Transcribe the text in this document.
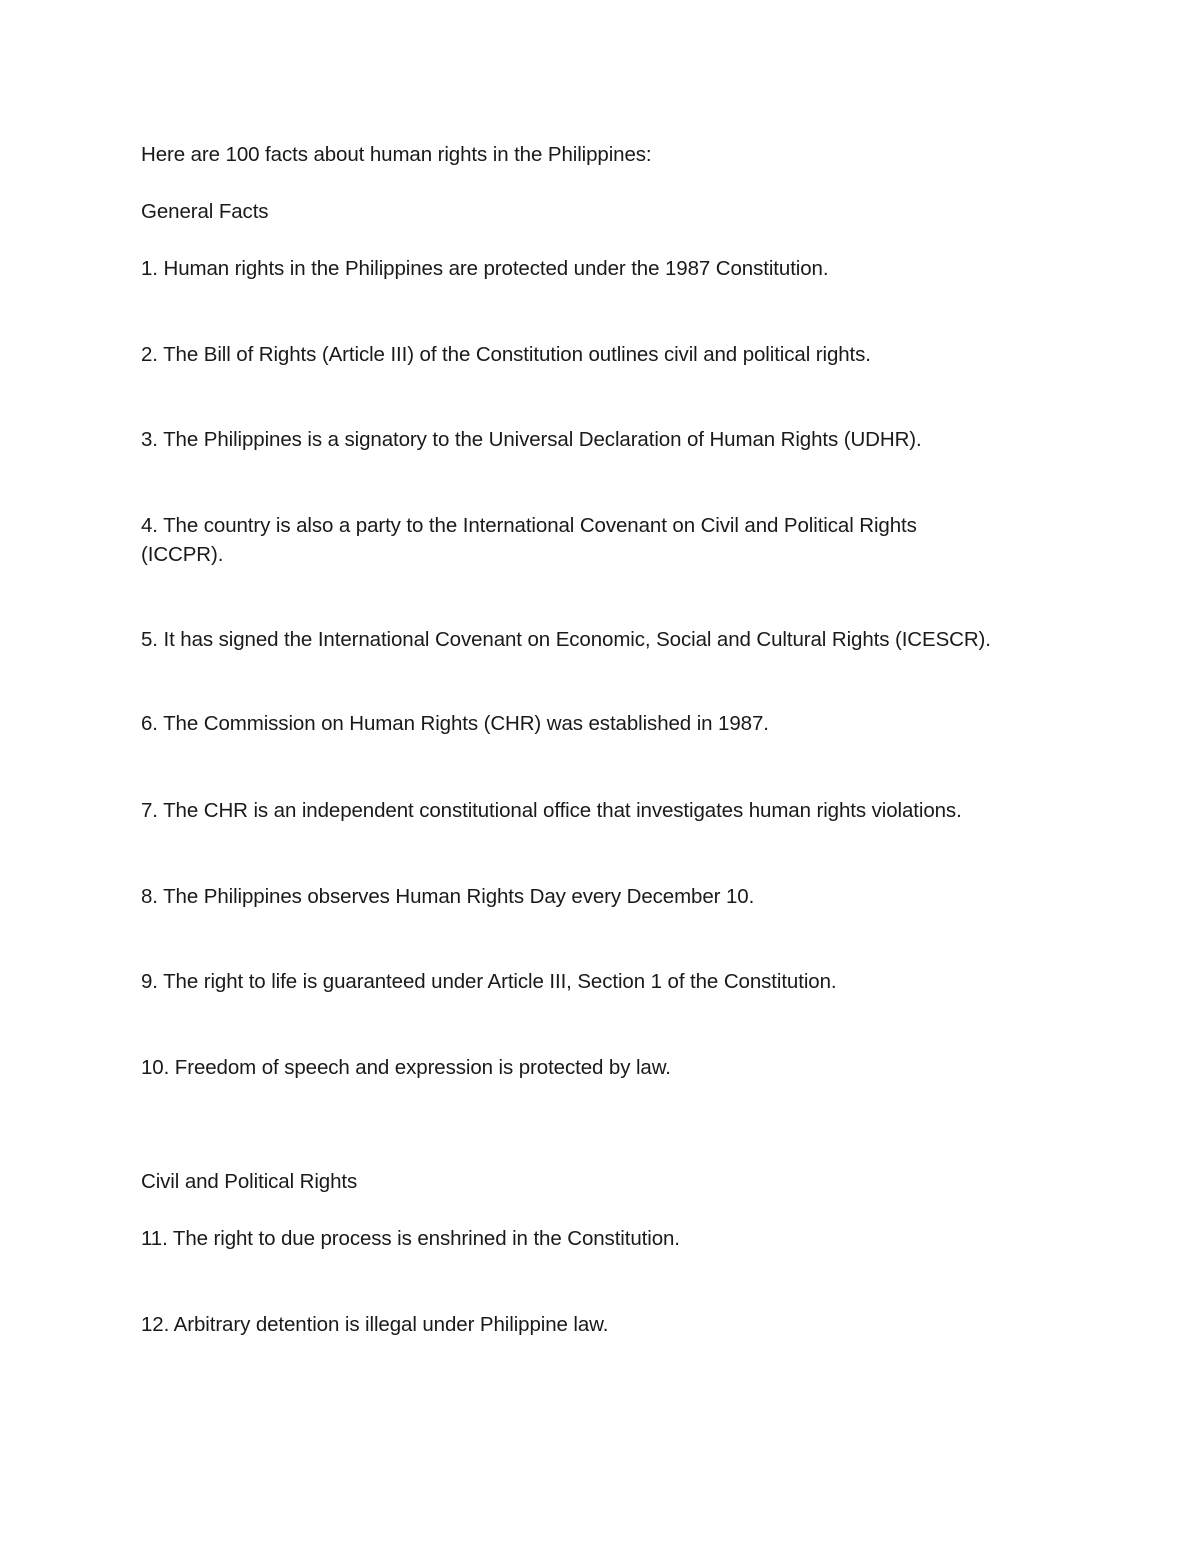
Here are 100 facts about human rights in the Philippines:

General Facts

1. Human rights in the Philippines are protected under the 1987 Constitution.

2. The Bill of Rights (Article III) of the Constitution outlines civil and political rights.

3. The Philippines is a signatory to the Universal Declaration of Human Rights (UDHR).

4. The country is also a party to the International Covenant on Civil and Political Rights (ICCPR).

5. It has signed the International Covenant on Economic, Social and Cultural Rights (ICESCR).

6. The Commission on Human Rights (CHR) was established in 1987.

7. The CHR is an independent constitutional office that investigates human rights violations.

8. The Philippines observes Human Rights Day every December 10.

9. The right to life is guaranteed under Article III, Section 1 of the Constitution.

10. Freedom of speech and expression is protected by law.

Civil and Political Rights

11. The right to due process is enshrined in the Constitution.

12. Arbitrary detention is illegal under Philippine law.
